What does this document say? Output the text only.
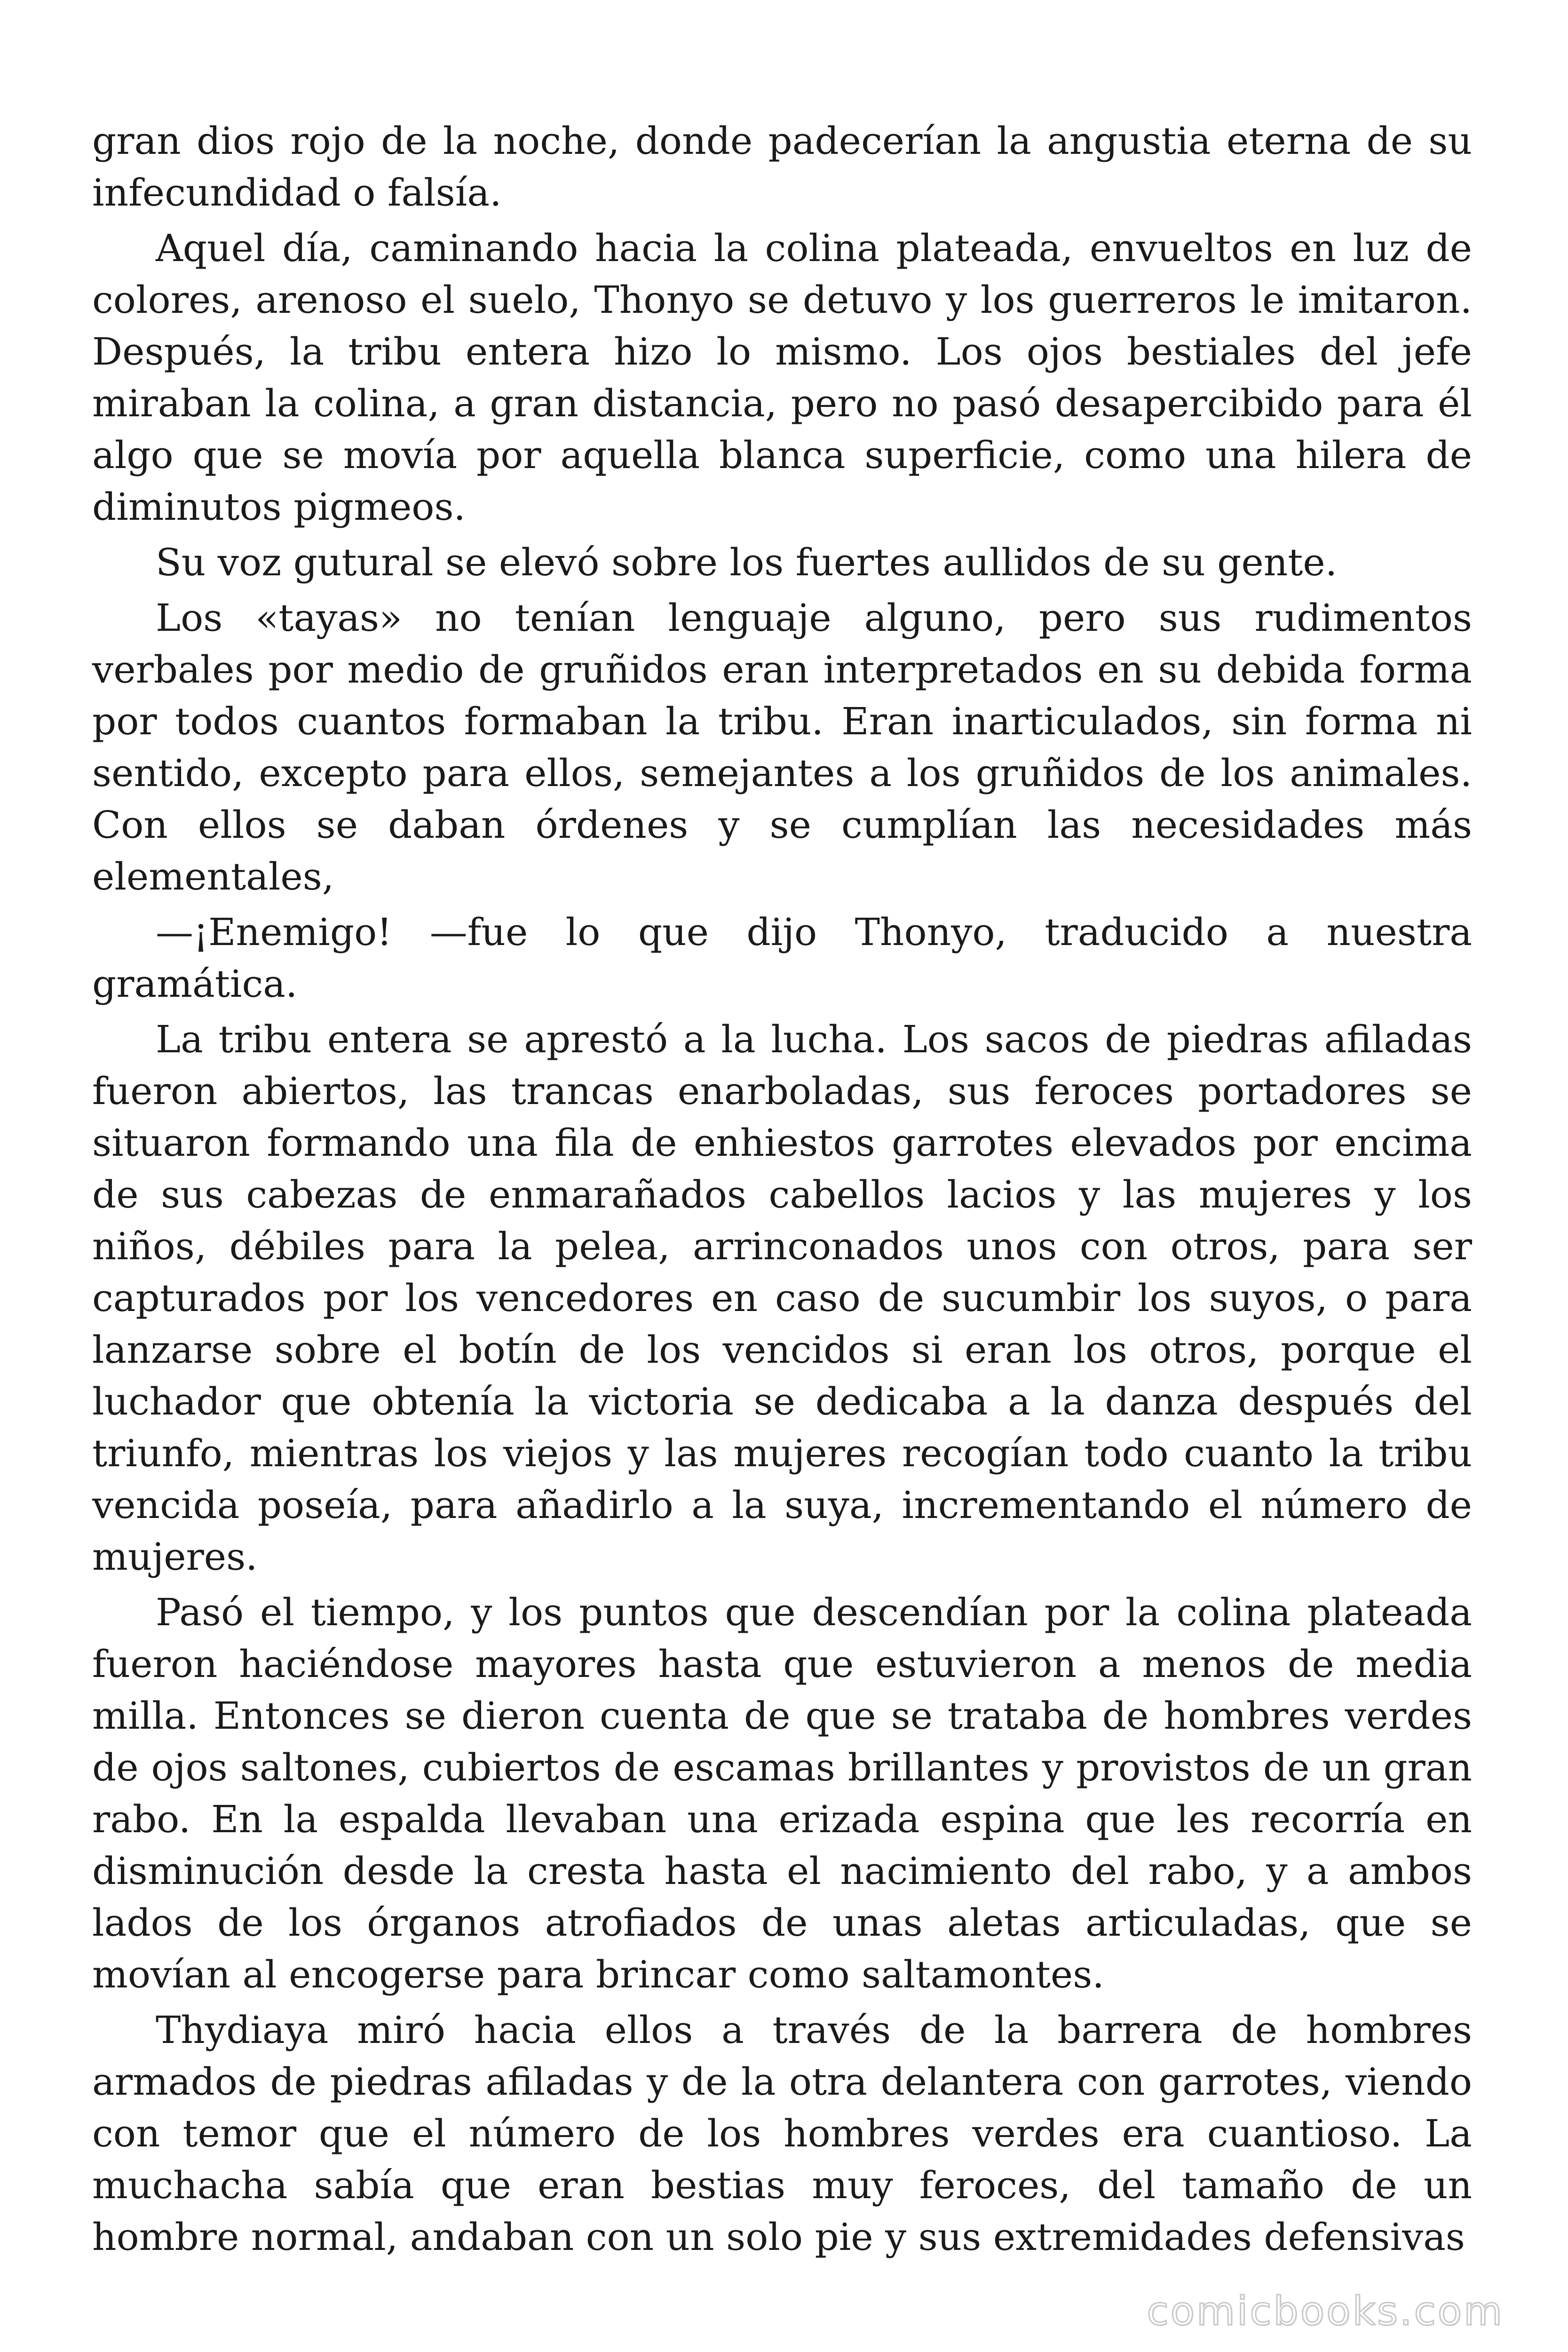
gran dios rojo de la noche, donde padecerían la angustia eterna de su infecundidad o falsía.

Aquel día, caminando hacia la colina plateada, envueltos en luz de colores, arenoso el suelo, Thonyo se detuvo y los guerreros le imitaron. Después, la tribu entera hizo lo mismo. Los ojos bestiales del jefe miraban la colina, a gran distancia, pero no pasó desapercibido para él algo que se movía por aquella blanca superficie, como una hilera de diminutos pigmeos.

Su voz gutural se elevó sobre los fuertes aullidos de su gente.

Los «tayas» no tenían lenguaje alguno, pero sus rudimentos verbales por medio de gruñidos eran interpretados en su debida forma por todos cuantos formaban la tribu. Eran inarticulados, sin forma ni sentido, excepto para ellos, semejantes a los gruñidos de los animales. Con ellos se daban órdenes y se cumplían las necesidades más elementales,

—¡Enemigo! —fue lo que dijo Thonyo, traducido a nuestra gramática.

La tribu entera se aprestó a la lucha. Los sacos de piedras afiladas fueron abiertos, las trancas enarboladas, sus feroces portadores se situaron formando una fila de enhiestos garrotes elevados por encima de sus cabezas de enmarañados cabellos lacios y las mujeres y los niños, débiles para la pelea, arrinconados unos con otros, para ser capturados por los vencedores en caso de sucumbir los suyos, o para lanzarse sobre el botín de los vencidos si eran los otros, porque el luchador que obtenía la victoria se dedicaba a la danza después del triunfo, mientras los viejos y las mujeres recogían todo cuanto la tribu vencida poseía, para añadirlo a la suya, incrementando el número de mujeres.

Pasó el tiempo, y los puntos que descendían por la colina plateada fueron haciéndose mayores hasta que estuvieron a menos de media milla. Entonces se dieron cuenta de que se trataba de hombres verdes de ojos saltones, cubiertos de escamas brillantes y provistos de un gran rabo. En la espalda llevaban una erizada espina que les recorría en disminución desde la cresta hasta el nacimiento del rabo, y a ambos lados de los órganos atrofiados de unas aletas articuladas, que se movían al encogerse para brincar como saltamontes.

Thydiaya miró hacia ellos a través de la barrera de hombres armados de piedras afiladas y de la otra delantera con garrotes, viendo con temor que el número de los hombres verdes era cuantioso. La muchacha sabía que eran bestias muy feroces, del tamaño de un hombre normal, andaban con un solo pie y sus extremidades defensivas

comicbooks.com
